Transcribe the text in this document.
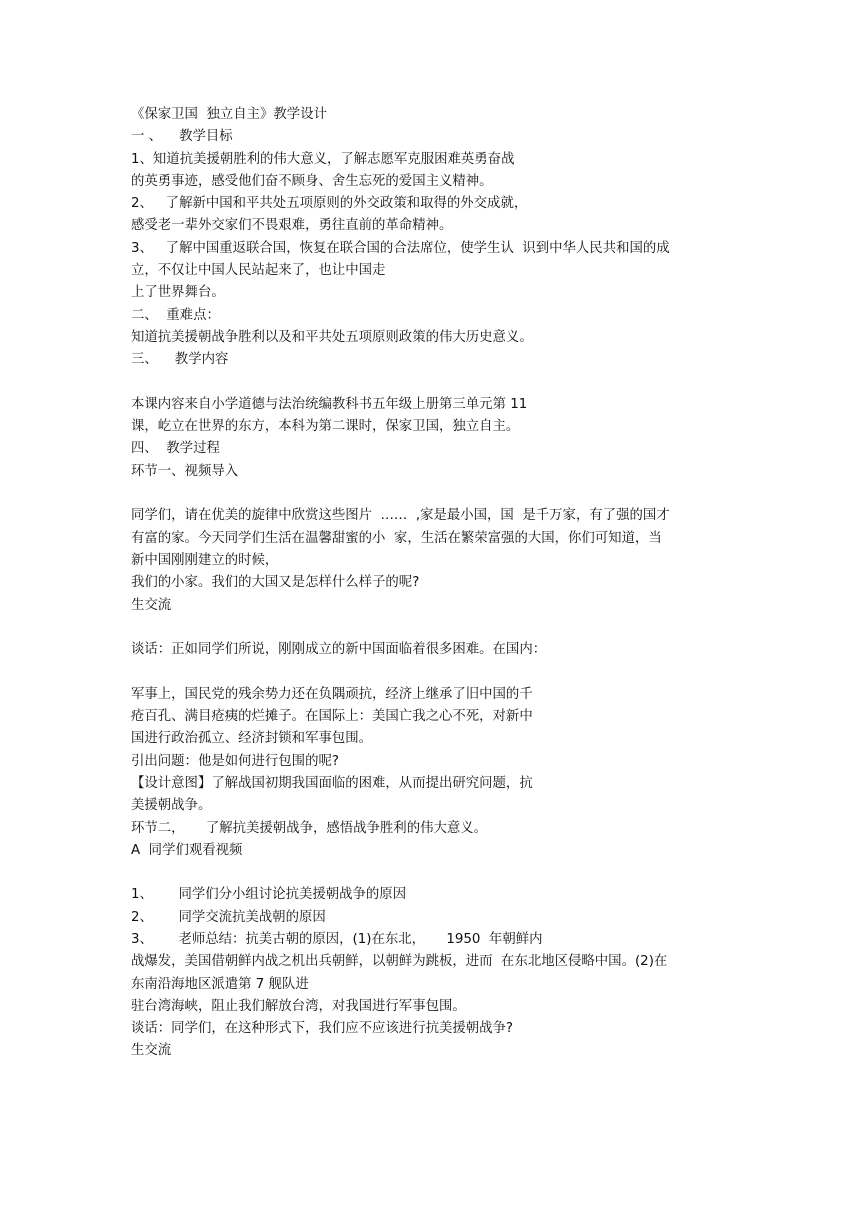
《保家卫国  独立自主》教学设计
一 、    教学目标
1、知道抗美援朝胜利的伟大意义，了解志愿军克服困难英勇奋战
的英勇事迹，感受他们奋不顾身、舍生忘死的爱国主义精神。
2、   了解新中国和平共处五项原则的外交政策和取得的外交成就，
感受老一辈外交家们不畏艰难，勇往直前的革命精神。
3、   了解中国重返联合国，恢复在联合国的合法席位，使学生认  识到中华人民共和国的成
立，不仅让中国人民站起来了，也让中国走
上了世界舞台。
二、  重难点：
知道抗美援朝战争胜利以及和平共处五项原则政策的伟大历史意义。
三、    教学内容
本课内容来自小学道德与法治统编教科书五年级上册第三单元第 11
课，屹立在世界的东方，本科为第二课时，保家卫国，独立自主。
四、  教学过程
环节一、视频导入
同学们，请在优美的旋律中欣赏这些图片  ……  ,家是最小国，国  是千万家，有了强的国才
有富的家。今天同学们生活在温馨甜蜜的小  家，生活在繁荣富强的大国，你们可知道，当
新中国刚刚建立的时候，
我们的小家。我们的大国又是怎样什么样子的呢?
生交流
谈话：正如同学们所说，刚刚成立的新中国面临着很多困难。在国内：
军事上，国民党的残余势力还在负隅顽抗，经济上继承了旧中国的千
疮百孔、满目疮痍的烂摊子。在国际上：美国亡我之心不死，对新中
国进行政治孤立、经济封锁和军事包围。
引出问题：他是如何进行包围的呢?
【设计意图】了解战国初期我国面临的困难，从而提出研究问题，抗
美援朝战争。
环节二，     了解抗美援朝战争，感悟战争胜利的伟大意义。
A  同学们观看视频
1、      同学们分小组讨论抗美援朝战争的原因
2、      同学交流抗美战朝的原因
3、      老师总结：抗美古朝的原因，(1)在东北，     1950  年朝鲜内
战爆发，美国借朝鲜内战之机出兵朝鲜，以朝鲜为跳板，进而  在东北地区侵略中国。(2)在
东南沿海地区派遣第 7 舰队进
驻台湾海峡，阻止我们解放台湾，对我国进行军事包围。
谈话：同学们，在这种形式下，我们应不应该进行抗美援朝战争?
生交流
